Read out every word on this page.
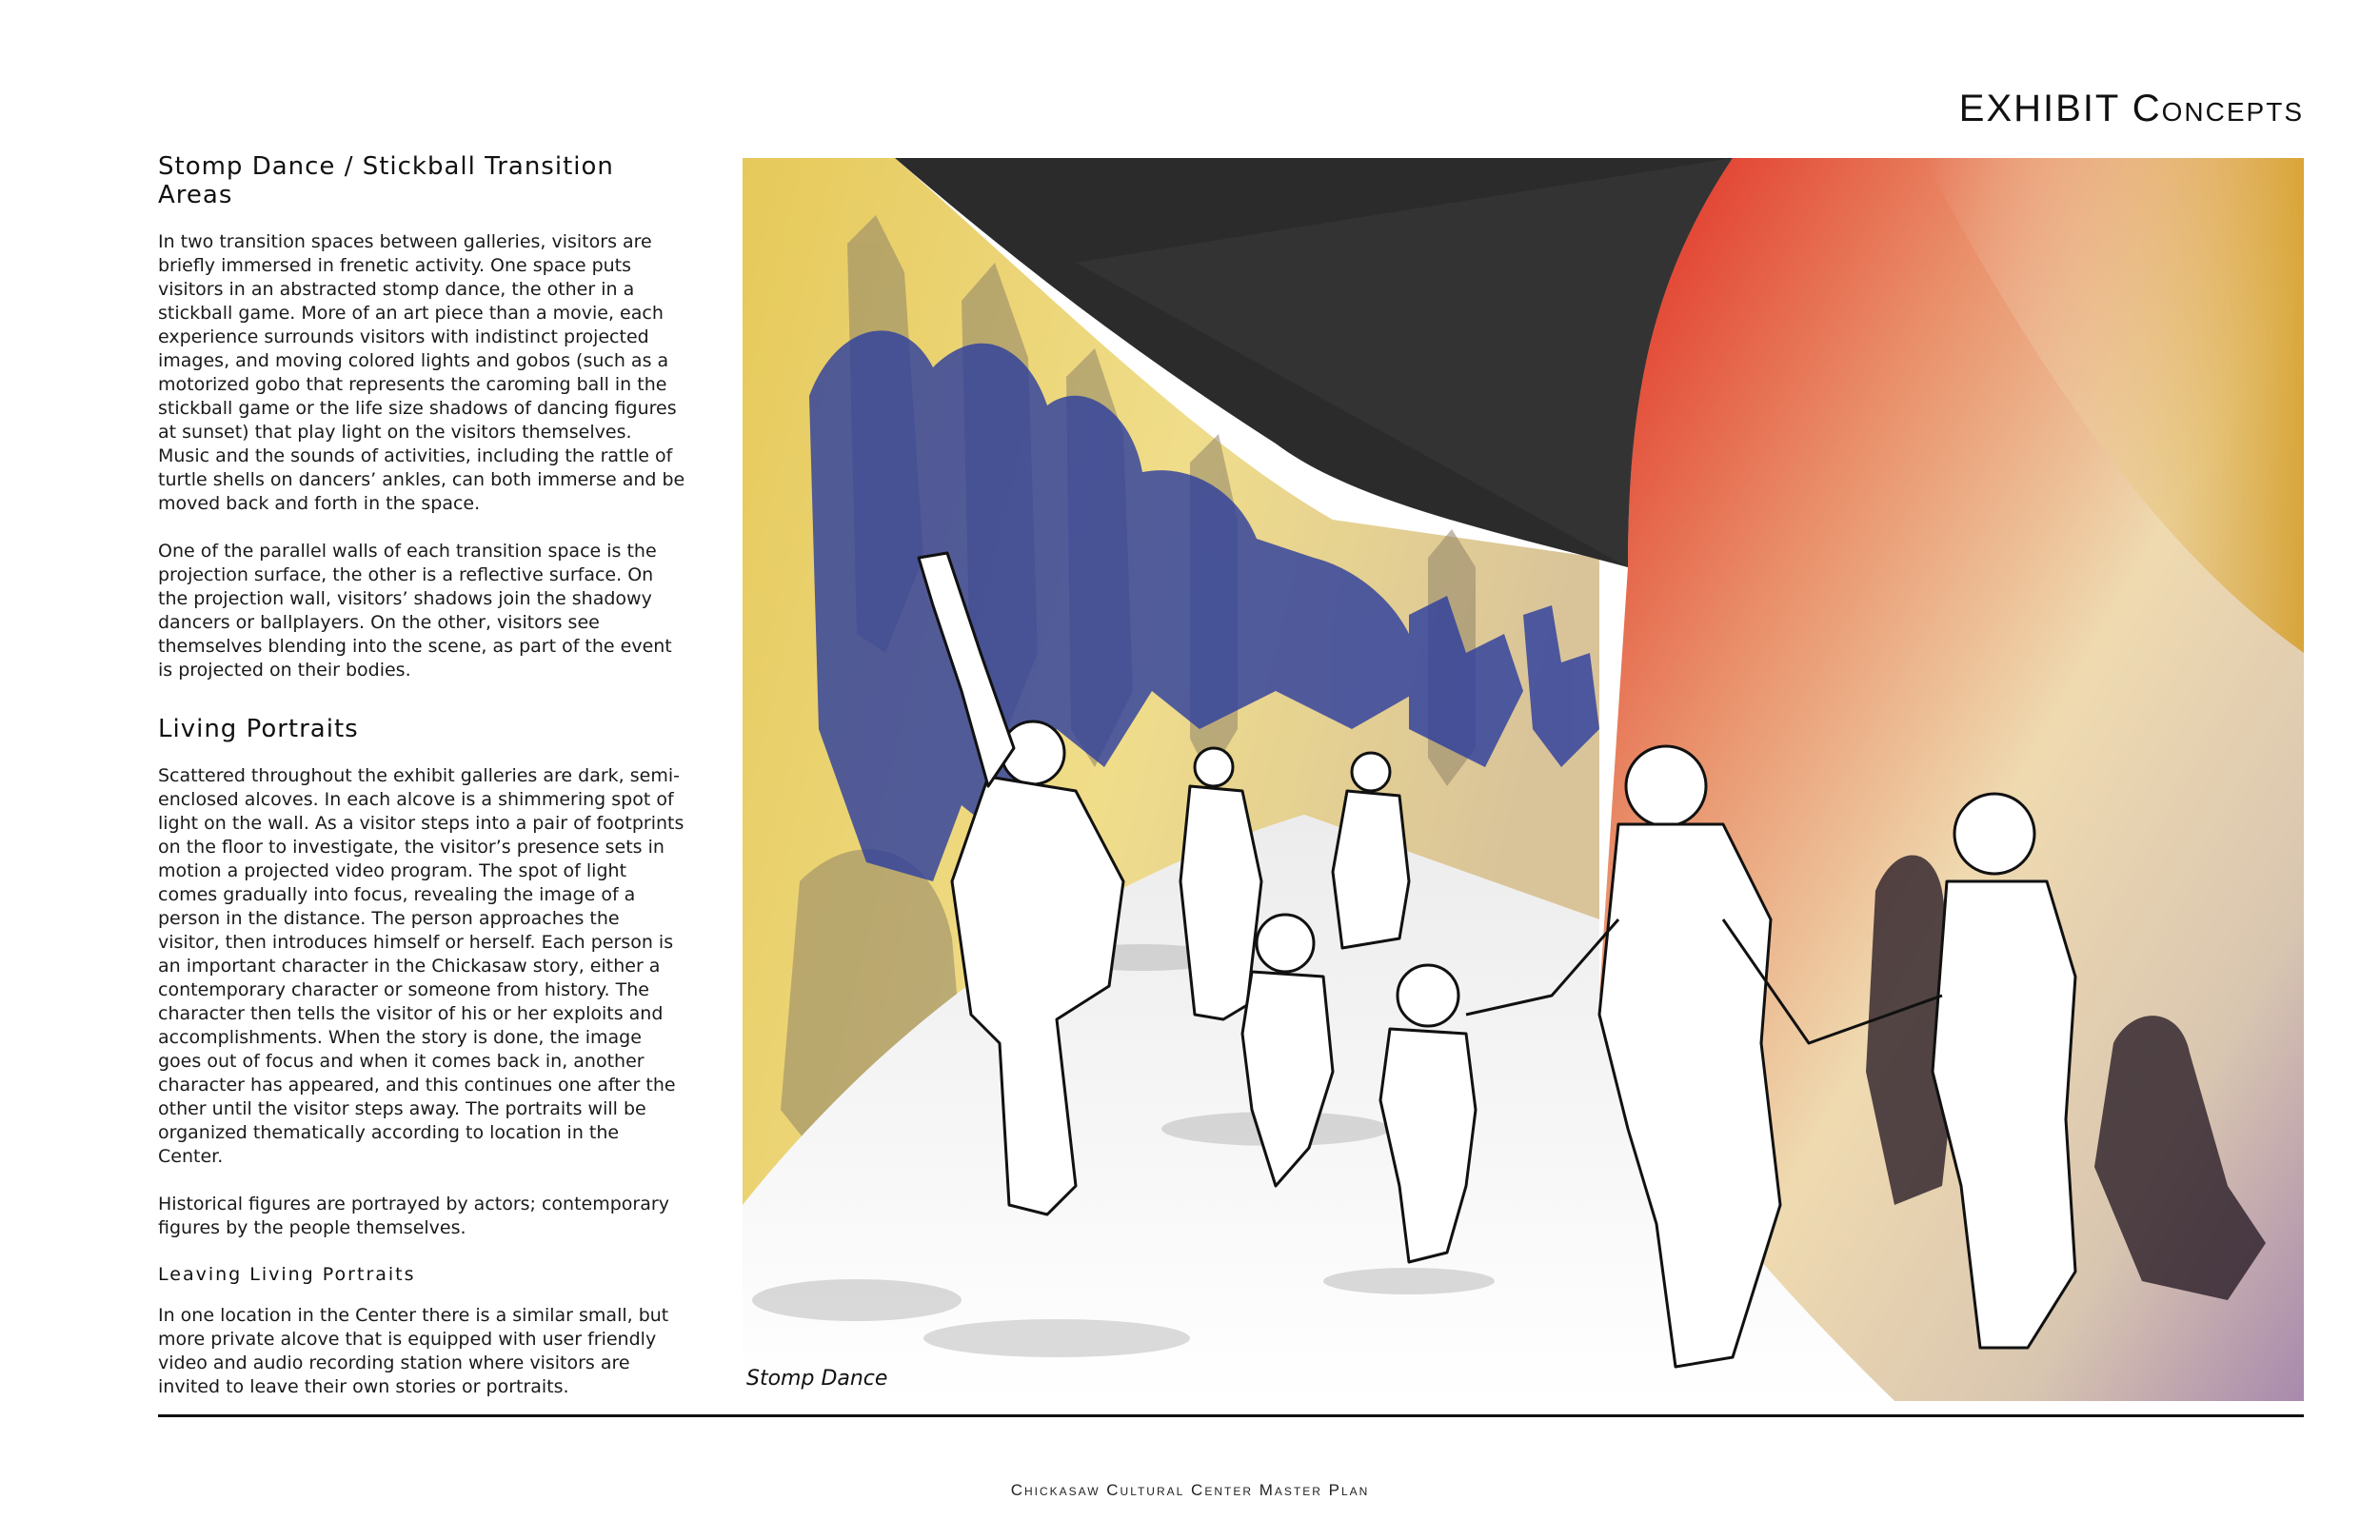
EXHIBIT Concepts
Stomp Dance / Stickball Transition Areas

In two transition spaces between galleries, visitors are briefly immersed in frenetic activity. One space puts visitors in an abstracted stomp dance, the other in a stickball game. More of an art piece than a movie, each experience surrounds visitors with indistinct projected images, and moving colored lights and gobos (such as a motorized gobo that represents the caroming ball in the stickball game or the life size shadows of dancing figures at sunset) that play light on the visitors themselves. Music and the sounds of activities, including the rattle of turtle shells on dancers’ ankles, can both immerse and be moved back and forth in the space.

One of the parallel walls of each transition space is the projection surface, the other is a reflective surface. On the projection wall, visitors’ shadows join the shadowy dancers or ballplayers. On the other, visitors see themselves blending into the scene, as part of the event is projected on their bodies.

Living Portraits

Scattered throughout the exhibit galleries are dark, semi-enclosed alcoves. In each alcove is a shimmering spot of light on the wall. As a visitor steps into a pair of footprints on the floor to investigate, the visitor’s presence sets in motion a projected video program. The spot of light comes gradually into focus, revealing the image of a person in the distance. The person approaches the visitor, then introduces himself or herself. Each person is an important character in the Chickasaw story, either a contemporary character or someone from history. The character then tells the visitor of his or her exploits and accomplishments. When the story is done, the image goes out of focus and when it comes back in, another character has appeared, and this continues one after the other until the visitor steps away. The portraits will be organized thematically according to location in the Center.

Historical figures are portrayed by actors; contemporary figures by the people themselves.

Leaving Living Portraits

In one location in the Center there is a similar small, but more private alcove that is equipped with user friendly video and audio recording station where visitors are invited to leave their own stories or portraits.	Stomp Dance
Chickasaw Cultural Center Master Plan
